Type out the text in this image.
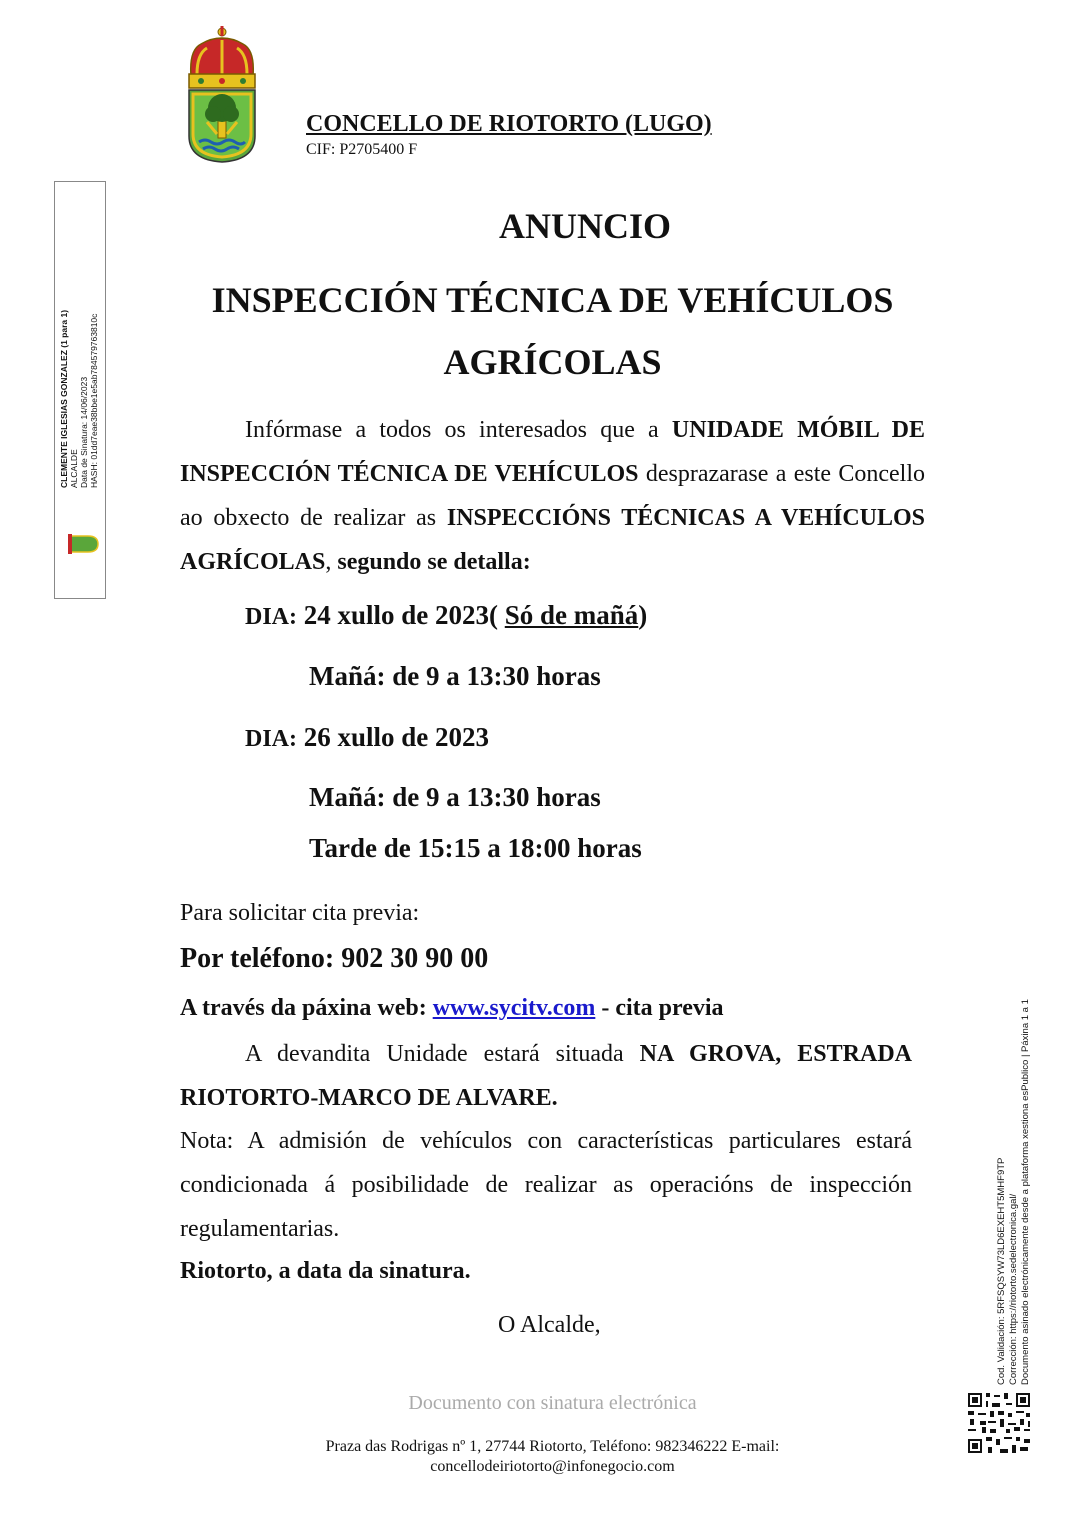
CONCELLO DE RIOTORTO (LUGO)
CIF: P2705400 F
CLEMENTE IGLESIAS GONZALEZ (1 para 1) ALCALDE Data de Sinatura: 14/06/2023 HASH: 01dd7eae38bbe1e5ab784579763810c
ANUNCIO
INSPECCIÓN TÉCNICA DE VEHÍCULOS
AGRÍCOLAS
Infórmase a todos os interesados que a UNIDADE MÓBIL DE INSPECCIÓN TÉCNICA DE VEHÍCULOS desprazarase a este Concello ao obxecto de realizar as INSPECCIÓNS TÉCNICAS A VEHÍCULOS AGRÍCOLAS, segundo se detalla:
DIA: 24 xullo de 2023( Só de mañá)
Mañá: de 9 a 13:30 horas
DIA: 26 xullo de 2023
Mañá: de 9 a 13:30 horas
Tarde de 15:15 a 18:00 horas
Para solicitar cita previa:
Por teléfono: 902 30 90 00
A través da páxina web: www.sycitv.com - cita previa
A devandita Unidade estará situada NA GROVA, ESTRADA RIOTORTO-MARCO DE ALVARE.
Nota: A admisión de vehículos con características particulares estará condicionada á posibilidade de realizar as operacións de inspección regulamentarias.
Riotorto, a data da sinatura.
O Alcalde,
Documento con sinatura electrónica
Praza das Rodrigas nº 1, 27744 Riotorto, Teléfono: 982346222 E-mail:
concellodeiriotorto@infonegocio.com
Cod. Validación: 5RFSQSYW73LD6EXEHT5MHF9TP Corrección: https://riotorto.sedelectronica.gal/ Documento asinado electrónicamente desde a plataforma xestiona esPublico | Páxina 1 a 1
